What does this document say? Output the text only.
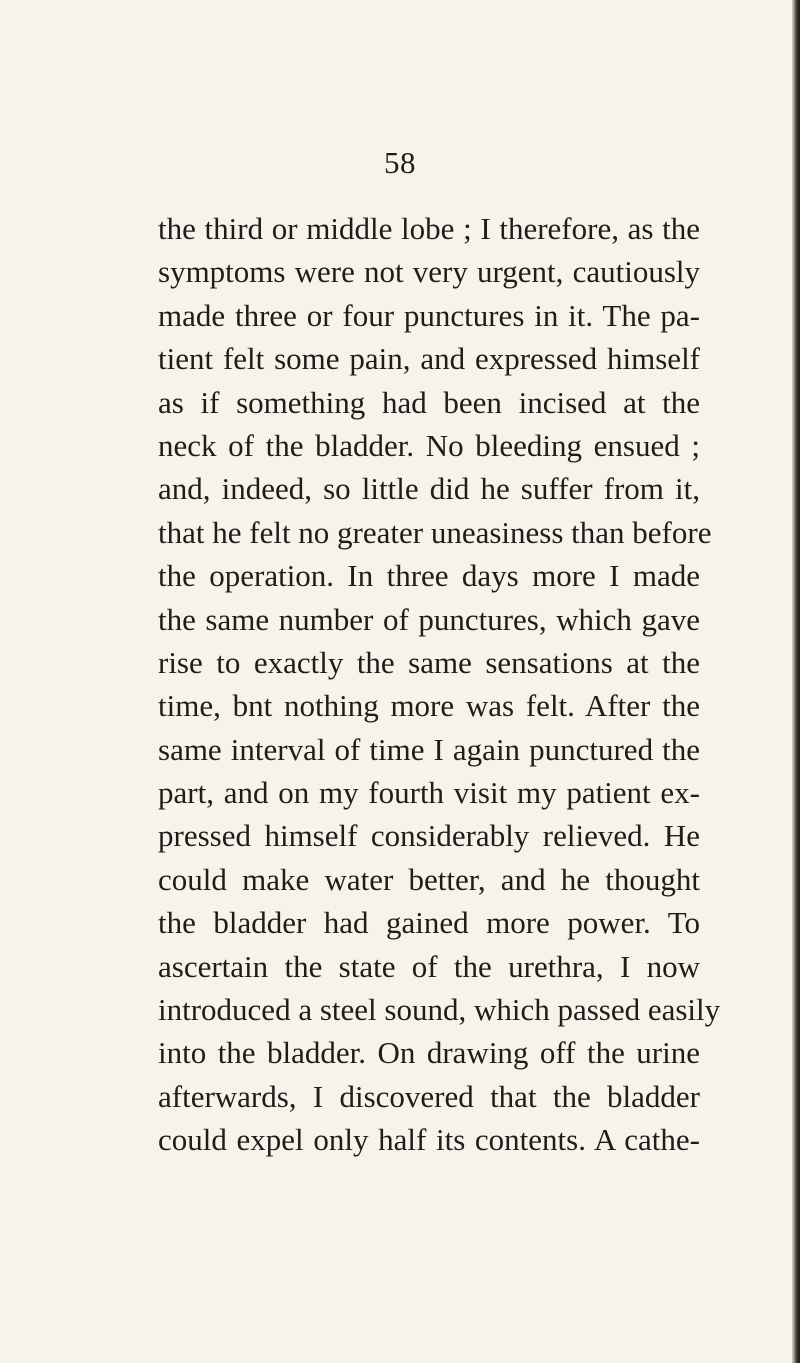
58
the third or middle lobe ; I therefore, as the
symptoms were not very urgent, cautiously
made three or four punctures in it. The pa-
tient felt some pain, and expressed himself
as if something had been incised at the
neck of the bladder. No bleeding ensued ;
and, indeed, so little did he suffer from it,
that he felt no greater uneasiness than before
the operation. In three days more I made
the same number of punctures, which gave
rise to exactly the same sensations at the
time, bnt nothing more was felt. After the
same interval of time I again punctured the
part, and on my fourth visit my patient ex-
pressed himself considerably relieved. He
could make water better, and he thought
the bladder had gained more power. To
ascertain the state of the urethra, I now
introduced a steel sound, which passed easily
into the bladder. On drawing off the urine
afterwards, I discovered that the bladder
could expel only half its contents. A cathe-
